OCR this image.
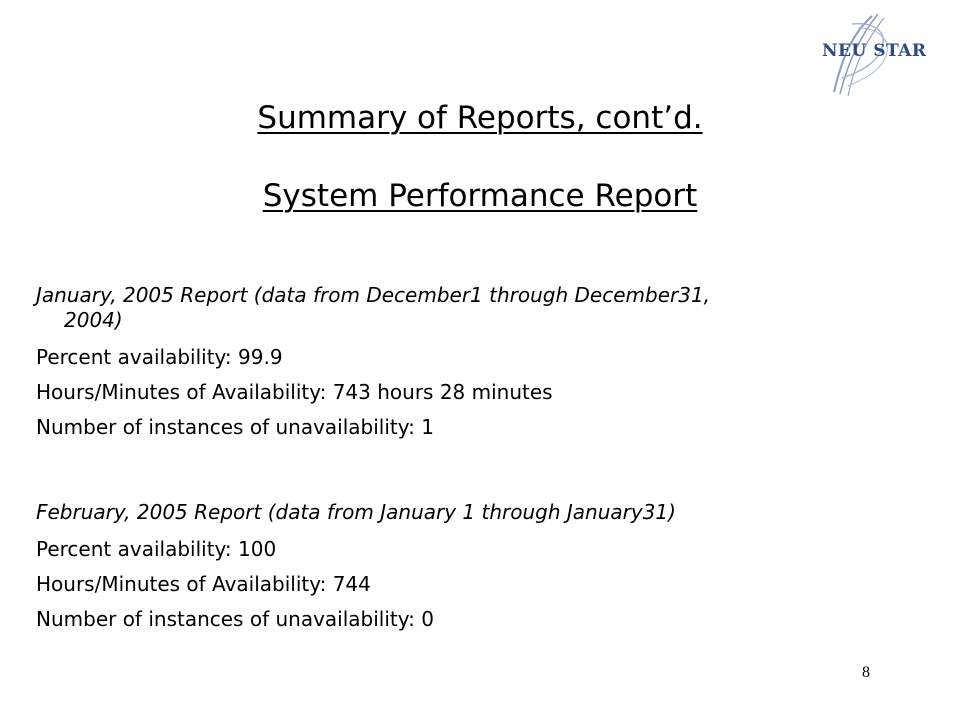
NEU STAR
Summary of Reports, cont’d.
System Performance Report
January, 2005 Report (data from December1 through December31,
2004)
Percent availability: 99.9
Hours/Minutes of Availability: 743 hours 28 minutes
Number of instances of unavailability: 1
February, 2005 Report (data from January 1 through January31)
Percent availability: 100
Hours/Minutes of Availability: 744
Number of instances of unavailability: 0
8
